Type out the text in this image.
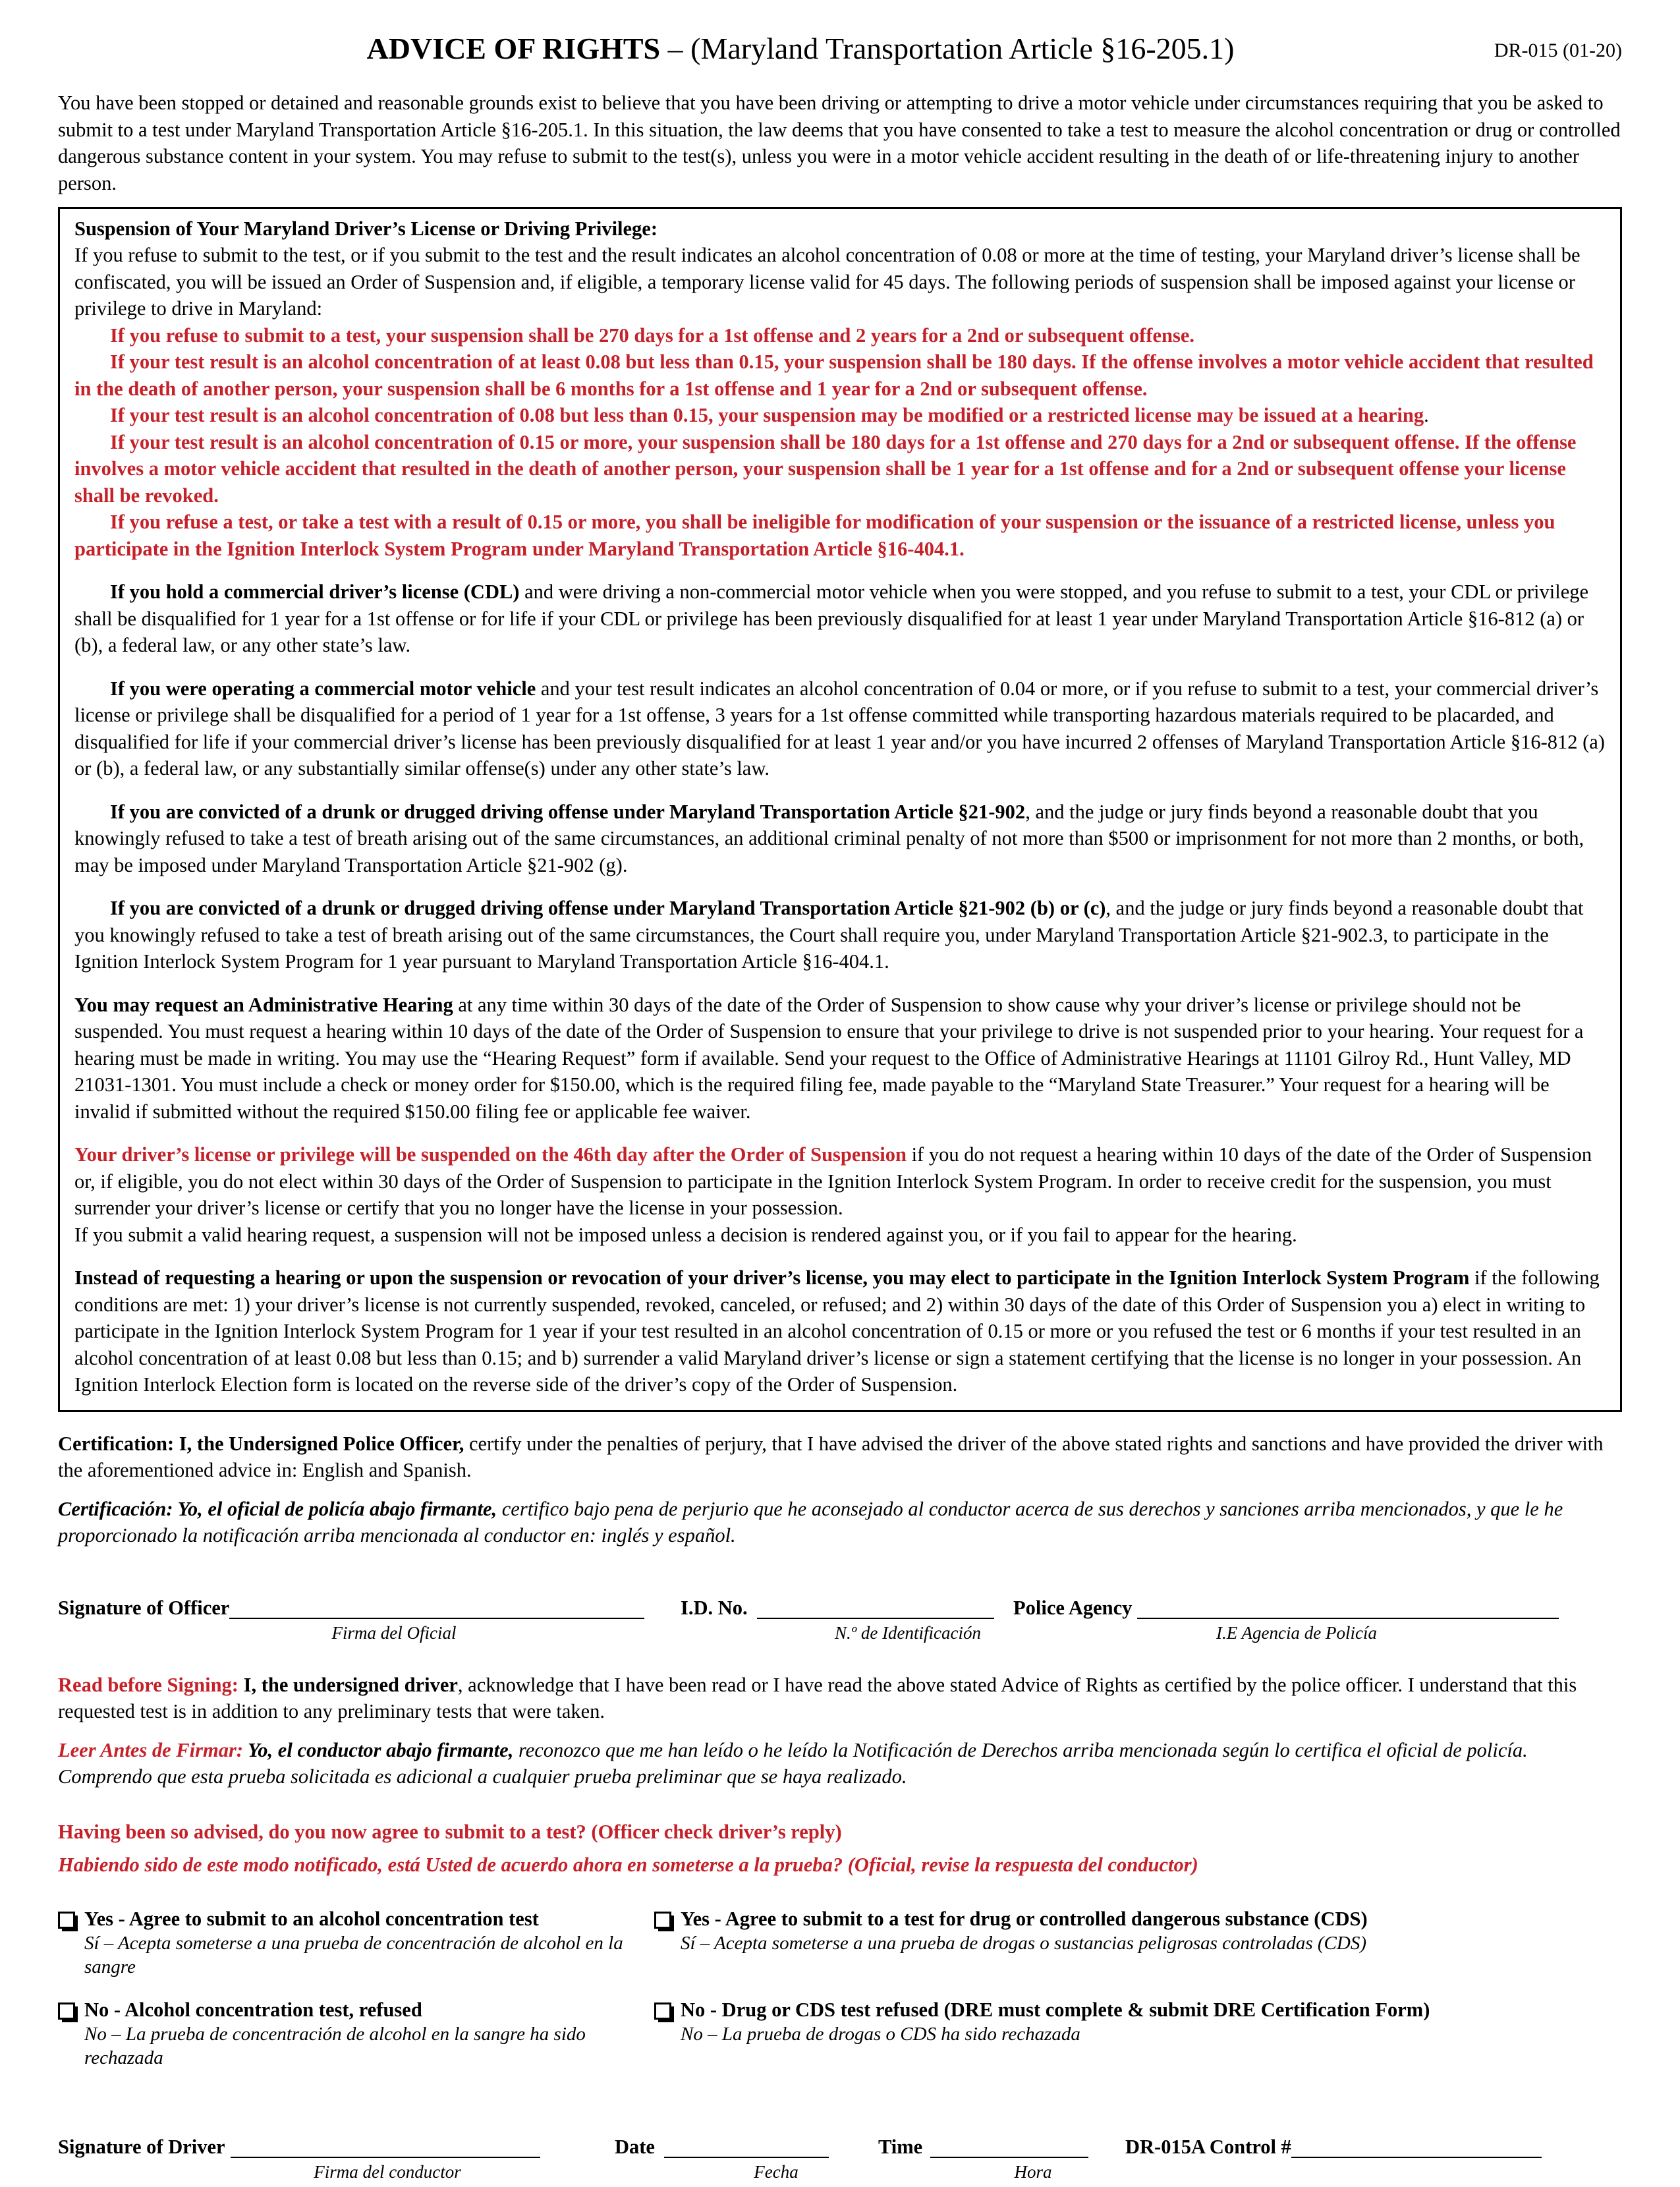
ADVICE OF RIGHTS – (Maryland Transportation Article §16-205.1)	DR-015 (01-20)
You have been stopped or detained and reasonable grounds exist to believe that you have been driving or attempting to drive a motor vehicle under circumstances requiring that you be asked to submit to a test under Maryland Transportation Article §16-205.1. In this situation, the law deems that you have consented to take a test to measure the alcohol concentration or drug or controlled dangerous substance content in your system. You may refuse to submit to the test(s), unless you were in a motor vehicle accident resulting in the death of or life-threatening injury to another person.
Suspension of Your Maryland Driver’s License or Driving Privilege:
If you refuse to submit to the test, or if you submit to the test and the result indicates an alcohol concentration of 0.08 or more at the time of testing, your Maryland driver’s license shall be confiscated, you will be issued an Order of Suspension and, if eligible, a temporary license valid for 45 days. The following periods of suspension shall be imposed against your license or privilege to drive in Maryland:
If you refuse to submit to a test, your suspension shall be 270 days for a 1st offense and 2 years for a 2nd or subsequent offense.
If your test result is an alcohol concentration of at least 0.08 but less than 0.15, your suspension shall be 180 days. If the offense involves a motor vehicle accident that resulted in the death of another person, your suspension shall be 6 months for a 1st offense and 1 year for a 2nd or subsequent offense.
If your test result is an alcohol concentration of 0.08 but less than 0.15, your suspension may be modified or a restricted license may be issued at a hearing.
If your test result is an alcohol concentration of 0.15 or more, your suspension shall be 180 days for a 1st offense and 270 days for a 2nd or subsequent offense. If the offense involves a motor vehicle accident that resulted in the death of another person, your suspension shall be 1 year for a 1st offense and for a 2nd or subsequent offense your license shall be revoked.
If you refuse a test, or take a test with a result of 0.15 or more, you shall be ineligible for modification of your suspension or the issuance of a restricted license, unless you participate in the Ignition Interlock System Program under Maryland Transportation Article §16-404.1.
If you hold a commercial driver’s license (CDL) and were driving a non-commercial motor vehicle when you were stopped, and you refuse to submit to a test, your CDL or privilege shall be disqualified for 1 year for a 1st offense or for life if your CDL or privilege has been previously disqualified for at least 1 year under Maryland Transportation Article §16-812 (a) or (b), a federal law, or any other state’s law.
If you were operating a commercial motor vehicle and your test result indicates an alcohol concentration of 0.04 or more, or if you refuse to submit to a test, your commercial driver’s license or privilege shall be disqualified for a period of 1 year for a 1st offense, 3 years for a 1st offense committed while transporting hazardous materials required to be placarded, and disqualified for life if your commercial driver’s license has been previously disqualified for at least 1 year and/or you have incurred 2 offenses of Maryland Transportation Article §16-812 (a) or (b), a federal law, or any substantially similar offense(s) under any other state’s law.
If you are convicted of a drunk or drugged driving offense under Maryland Transportation Article §21-902, and the judge or jury finds beyond a reasonable doubt that you knowingly refused to take a test of breath arising out of the same circumstances, an additional criminal penalty of not more than $500 or imprisonment for not more than 2 months, or both, may be imposed under Maryland Transportation Article §21-902 (g).
If you are convicted of a drunk or drugged driving offense under Maryland Transportation Article §21-902 (b) or (c), and the judge or jury finds beyond a reasonable doubt that you knowingly refused to take a test of breath arising out of the same circumstances, the Court shall require you, under Maryland Transportation Article §21-902.3, to participate in the Ignition Interlock System Program for 1 year pursuant to Maryland Transportation Article §16-404.1.
You may request an Administrative Hearing at any time within 30 days of the date of the Order of Suspension to show cause why your driver’s license or privilege should not be suspended. You must request a hearing within 10 days of the date of the Order of Suspension to ensure that your privilege to drive is not suspended prior to your hearing. Your request for a hearing must be made in writing. You may use the “Hearing Request” form if available. Send your request to the Office of Administrative Hearings at 11101 Gilroy Rd., Hunt Valley, MD 21031-1301. You must include a check or money order for $150.00, which is the required filing fee, made payable to the “Maryland State Treasurer.” Your request for a hearing will be invalid if submitted without the required $150.00 filing fee or applicable fee waiver.
Your driver’s license or privilege will be suspended on the 46th day after the Order of Suspension if you do not request a hearing within 10 days of the date of the Order of Suspension or, if eligible, you do not elect within 30 days of the Order of Suspension to participate in the Ignition Interlock System Program. In order to receive credit for the suspension, you must surrender your driver’s license or certify that you no longer have the license in your possession.
If you submit a valid hearing request, a suspension will not be imposed unless a decision is rendered against you, or if you fail to appear for the hearing.
Instead of requesting a hearing or upon the suspension or revocation of your driver’s license, you may elect to participate in the Ignition Interlock System Program if the following conditions are met: 1) your driver’s license is not currently suspended, revoked, canceled, or refused; and 2) within 30 days of the date of this Order of Suspension you a) elect in writing to participate in the Ignition Interlock System Program for 1 year if your test resulted in an alcohol concentration of 0.15 or more or you refused the test or 6 months if your test resulted in an alcohol concentration of at least 0.08 but less than 0.15; and b) surrender a valid Maryland driver’s license or sign a statement certifying that the license is no longer in your possession. An Ignition Interlock Election form is located on the reverse side of the driver’s copy of the Order of Suspension.
Certification: I, the Undersigned Police Officer, certify under the penalties of perjury, that I have advised the driver of the above stated rights and sanctions and have provided the driver with the aforementioned advice in: English and Spanish.
Certificación: Yo, el oficial de policía abajo firmante, certifico bajo pena de perjurio que he aconsejado al conductor acerca de sus derechos y sanciones arriba mencionados, y que le he proporcionado la notificación arriba mencionada al conductor en: inglés y español.
Signature of Officer
Firma del Oficial
I.D. No.
N.º de Identificación
Police Agency
I.E Agencia de Policía
Read before Signing: I, the undersigned driver, acknowledge that I have been read or I have read the above stated Advice of Rights as certified by the police officer. I understand that this requested test is in addition to any preliminary tests that were taken.
Leer Antes de Firmar: Yo, el conductor abajo firmante, reconozco que me han leído o he leído la Notificación de Derechos arriba mencionada según lo certifica el oficial de policía. Comprendo que esta prueba solicitada es adicional a cualquier prueba preliminar que se haya realizado.
Having been so advised, do you now agree to submit to a test? (Officer check driver’s reply)
Habiendo sido de este modo notificado, está Usted de acuerdo ahora en someterse a la prueba? (Oficial, revise la respuesta del conductor)
Yes - Agree to submit to an alcohol concentration test
Sí – Acepta someterse a una prueba de concentración de alcohol en la sangre
Yes - Agree to submit to a test for drug or controlled dangerous substance (CDS)
Sí – Acepta someterse a una prueba de drogas o sustancias peligrosas controladas (CDS)
No - Alcohol concentration test, refused
No – La prueba de concentración de alcohol en la sangre ha sido rechazada
No - Drug or CDS test refused (DRE must complete & submit DRE Certification Form)
No – La prueba de drogas o CDS ha sido rechazada
Signature of Driver
Firma del conductor
Date
Fecha
Time
Hora
DR-015A Control #
